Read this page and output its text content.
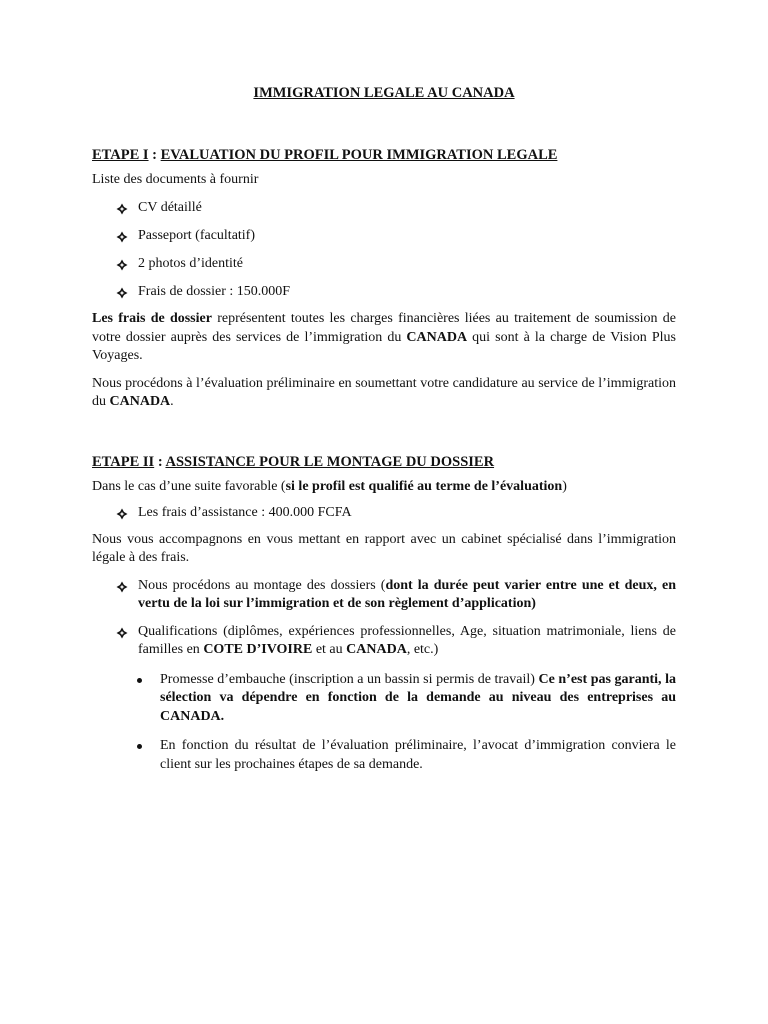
IMMIGRATION LEGALE AU CANADA
ETAPE I : EVALUATION DU PROFIL POUR IMMIGRATION LEGALE

Liste des documents à fournir

CV détaillé
Passeport (facultatif)
2 photos d’identité
Frais de dossier : 150.000F

Les frais de dossier représentent toutes les charges financières liées au traitement de soumission de votre dossier auprès des services de l’immigration du CANADA qui sont à la charge de Vision Plus Voyages.

Nous procédons à l’évaluation préliminaire en soumettant votre candidature au service de l’immigration du CANADA.

ETAPE II : ASSISTANCE POUR LE MONTAGE DU DOSSIER

Dans le cas d’une suite favorable (si le profil est qualifié au terme de l’évaluation)

Les frais d’assistance : 400.000 FCFA

Nous vous accompagnons en vous mettant en rapport avec un cabinet spécialisé dans l’immigration légale à des frais.

Nous procédons au montage des dossiers (dont la durée peut varier entre une et deux, en vertu de la loi sur l’immigration et de son règlement d’application)
Qualifications (diplômes, expériences professionnelles, Age, situation matrimoniale, liens de familles en COTE D’IVOIRE et au CANADA, etc.)
Promesse d’embauche (inscription a un bassin si permis de travail) Ce n’est pas garanti, la sélection va dépendre en fonction de la demande au niveau des entreprises au CANADA.
En fonction du résultat de l’évaluation préliminaire, l’avocat d’immigration conviera le client sur les prochaines étapes de sa demande.
